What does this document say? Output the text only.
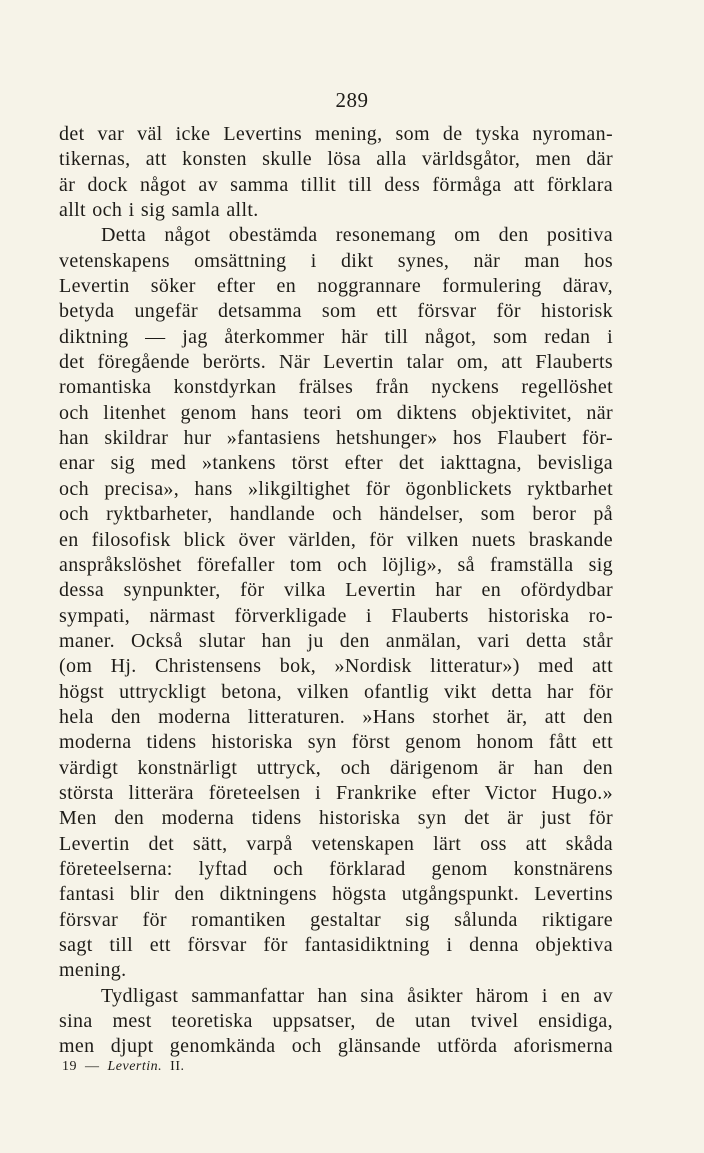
289
det var väl icke Levertins mening, som de tyska nyroman-
tikernas, att konsten skulle lösa alla världsgåtor, men där
är dock något av samma tillit till dess förmåga att förklara
allt och i sig samla allt.
Detta något obestämda resonemang om den positiva
vetenskapens omsättning i dikt synes, när man hos
Levertin söker efter en noggrannare formulering därav,
betyda ungefär detsamma som ett försvar för historisk
diktning — jag återkommer här till något, som redan i
det föregående berörts. När Levertin talar om, att Flauberts
romantiska konstdyrkan frälses från nyckens regellöshet
och litenhet genom hans teori om diktens objektivitet, när
han skildrar hur »fantasiens hetshunger» hos Flaubert för-
enar sig med »tankens törst efter det iakttagna, bevisliga
och precisa», hans »likgiltighet för ögonblickets ryktbarhet
och ryktbarheter, handlande och händelser, som beror på
en filosofisk blick över världen, för vilken nuets braskande
anspråkslöshet förefaller tom och löjlig», så framställa sig
dessa synpunkter, för vilka Levertin har en ofördydbar
sympati, närmast förverkligade i Flauberts historiska ro-
maner. Också slutar han ju den anmälan, vari detta står
(om Hj. Christensens bok, »Nordisk litteratur») med att
högst uttryckligt betona, vilken ofantlig vikt detta har för
hela den moderna litteraturen. »Hans storhet är, att den
moderna tidens historiska syn först genom honom fått ett
värdigt konstnärligt uttryck, och därigenom är han den
största litterära företeelsen i Frankrike efter Victor Hugo.»
Men den moderna tidens historiska syn det är just för
Levertin det sätt, varpå vetenskapen lärt oss att skåda
företeelserna: lyftad och förklarad genom konstnärens
fantasi blir den diktningens högsta utgångspunkt. Levertins
försvar för romantiken gestaltar sig sålunda riktigare
sagt till ett försvar för fantasidiktning i denna objektiva
mening.
Tydligast sammanfattar han sina åsikter härom i en av
sina mest teoretiska uppsatser, de utan tvivel ensidiga,
men djupt genomkända och glänsande utförda aforismerna
19 — Levertin. II.
